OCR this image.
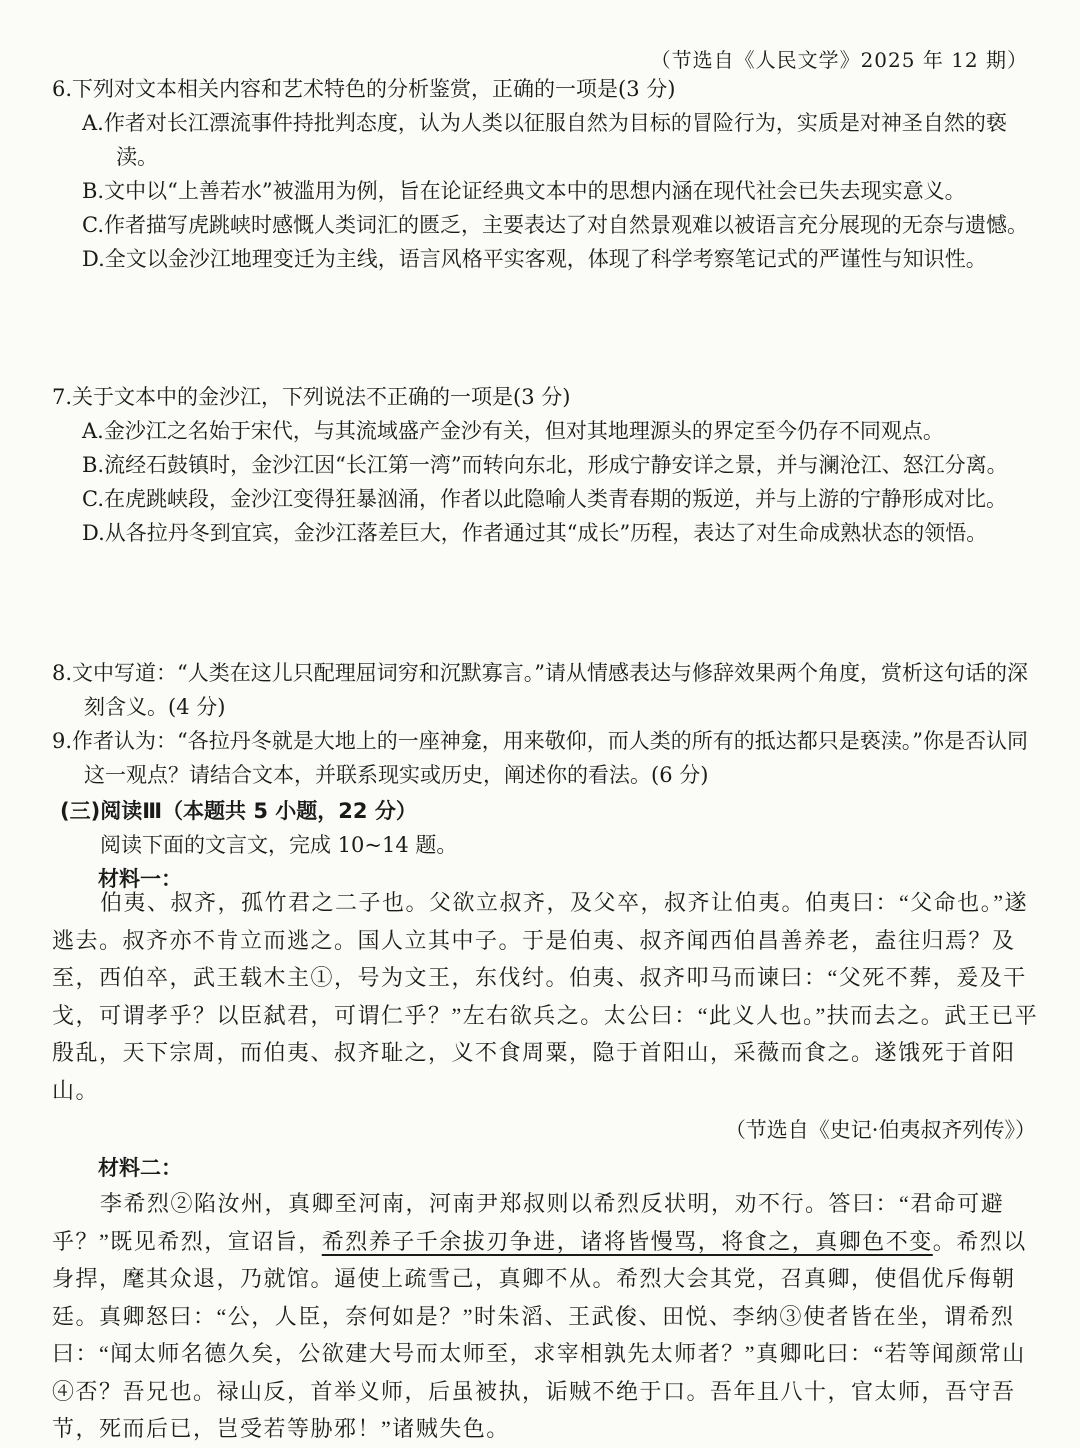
（节选自《人民文学》2025 年 12 期）

6.下列对文本相关内容和艺术特色的分析鉴赏，正确的一项是(3 分)

A.作者对长江漂流事件持批判态度，认为人类以征服自然为目标的冒险行为，实质是对神圣自然的亵渎。

B.文中以“上善若水”被滥用为例，旨在论证经典文本中的思想内涵在现代社会已失去现实意义。

C.作者描写虎跳峡时感慨人类词汇的匮乏，主要表达了对自然景观难以被语言充分展现的无奈与遗憾。

D.全文以金沙江地理变迁为主线，语言风格平实客观，体现了科学考察笔记式的严谨性与知识性。

7.关于文本中的金沙江，下列说法不正确的一项是(3 分)

A.金沙江之名始于宋代，与其流域盛产金沙有关，但对其地理源头的界定至今仍存不同观点。

B.流经石鼓镇时，金沙江因“长江第一湾”而转向东北，形成宁静安详之景，并与澜沧江、怒江分离。

C.在虎跳峡段，金沙江变得狂暴汹涌，作者以此隐喻人类青春期的叛逆，并与上游的宁静形成对比。

D.从各拉丹冬到宜宾，金沙江落差巨大，作者通过其“成长”历程，表达了对生命成熟状态的领悟。

8.文中写道：“人类在这儿只配理屈词穷和沉默寡言。”请从情感表达与修辞效果两个角度，赏析这句话的深刻含义。(4 分)

9.作者认为：“各拉丹冬就是大地上的一座神龛，用来敬仰，而人类的所有的抵达都只是亵渎。”你是否认同这一观点？请结合文本，并联系现实或历史，阐述你的看法。(6 分)

(三)阅读Ⅲ（本题共 5 小题，22 分）

阅读下面的文言文，完成 10~14 题。

材料一：

伯夷、叔齐，孤竹君之二子也。父欲立叔齐，及父卒，叔齐让伯夷。伯夷曰：“父命也。”遂逃去。叔齐亦不肯立而逃之。国人立其中子。于是伯夷、叔齐闻西伯昌善养老，盍往归焉？及至，西伯卒，武王载木主①，号为文王，东伐纣。伯夷、叔齐叩马而谏曰：“父死不葬，爰及干戈，可谓孝乎？以臣弑君，可谓仁乎？”左右欲兵之。太公曰：“此义人也。”扶而去之。武王已平殷乱，天下宗周，而伯夷、叔齐耻之，义不食周粟，隐于首阳山，采薇而食之。遂饿死于首阳山。

（节选自《史记·伯夷叔齐列传》）

材料二：

李希烈②陷汝州，真卿至河南，河南尹郑叔则以希烈反状明，劝不行。答曰：“君命可避乎？”既见希烈，宣诏旨，希烈养子千余拔刃争进，诸将皆慢骂，将食之，真卿色不变。希烈以身捍，麾其众退，乃就馆。逼使上疏雪己，真卿不从。希烈大会其党，召真卿，使倡优斥侮朝廷。真卿怒曰：“公，人臣，奈何如是？”时朱滔、王武俊、田悦、李纳③使者皆在坐，谓希烈曰：“闻太师名德久矣，公欲建大号而太师至，求宰相孰先太师者？”真卿叱曰：“若等闻颜常山④否？吾兄也。禄山反，首举义师，后虽被执，诟贼不绝于口。吾年且八十，官太师，吾守吾节，死而后已，岂受若等胁邪！”诸贼失色。
